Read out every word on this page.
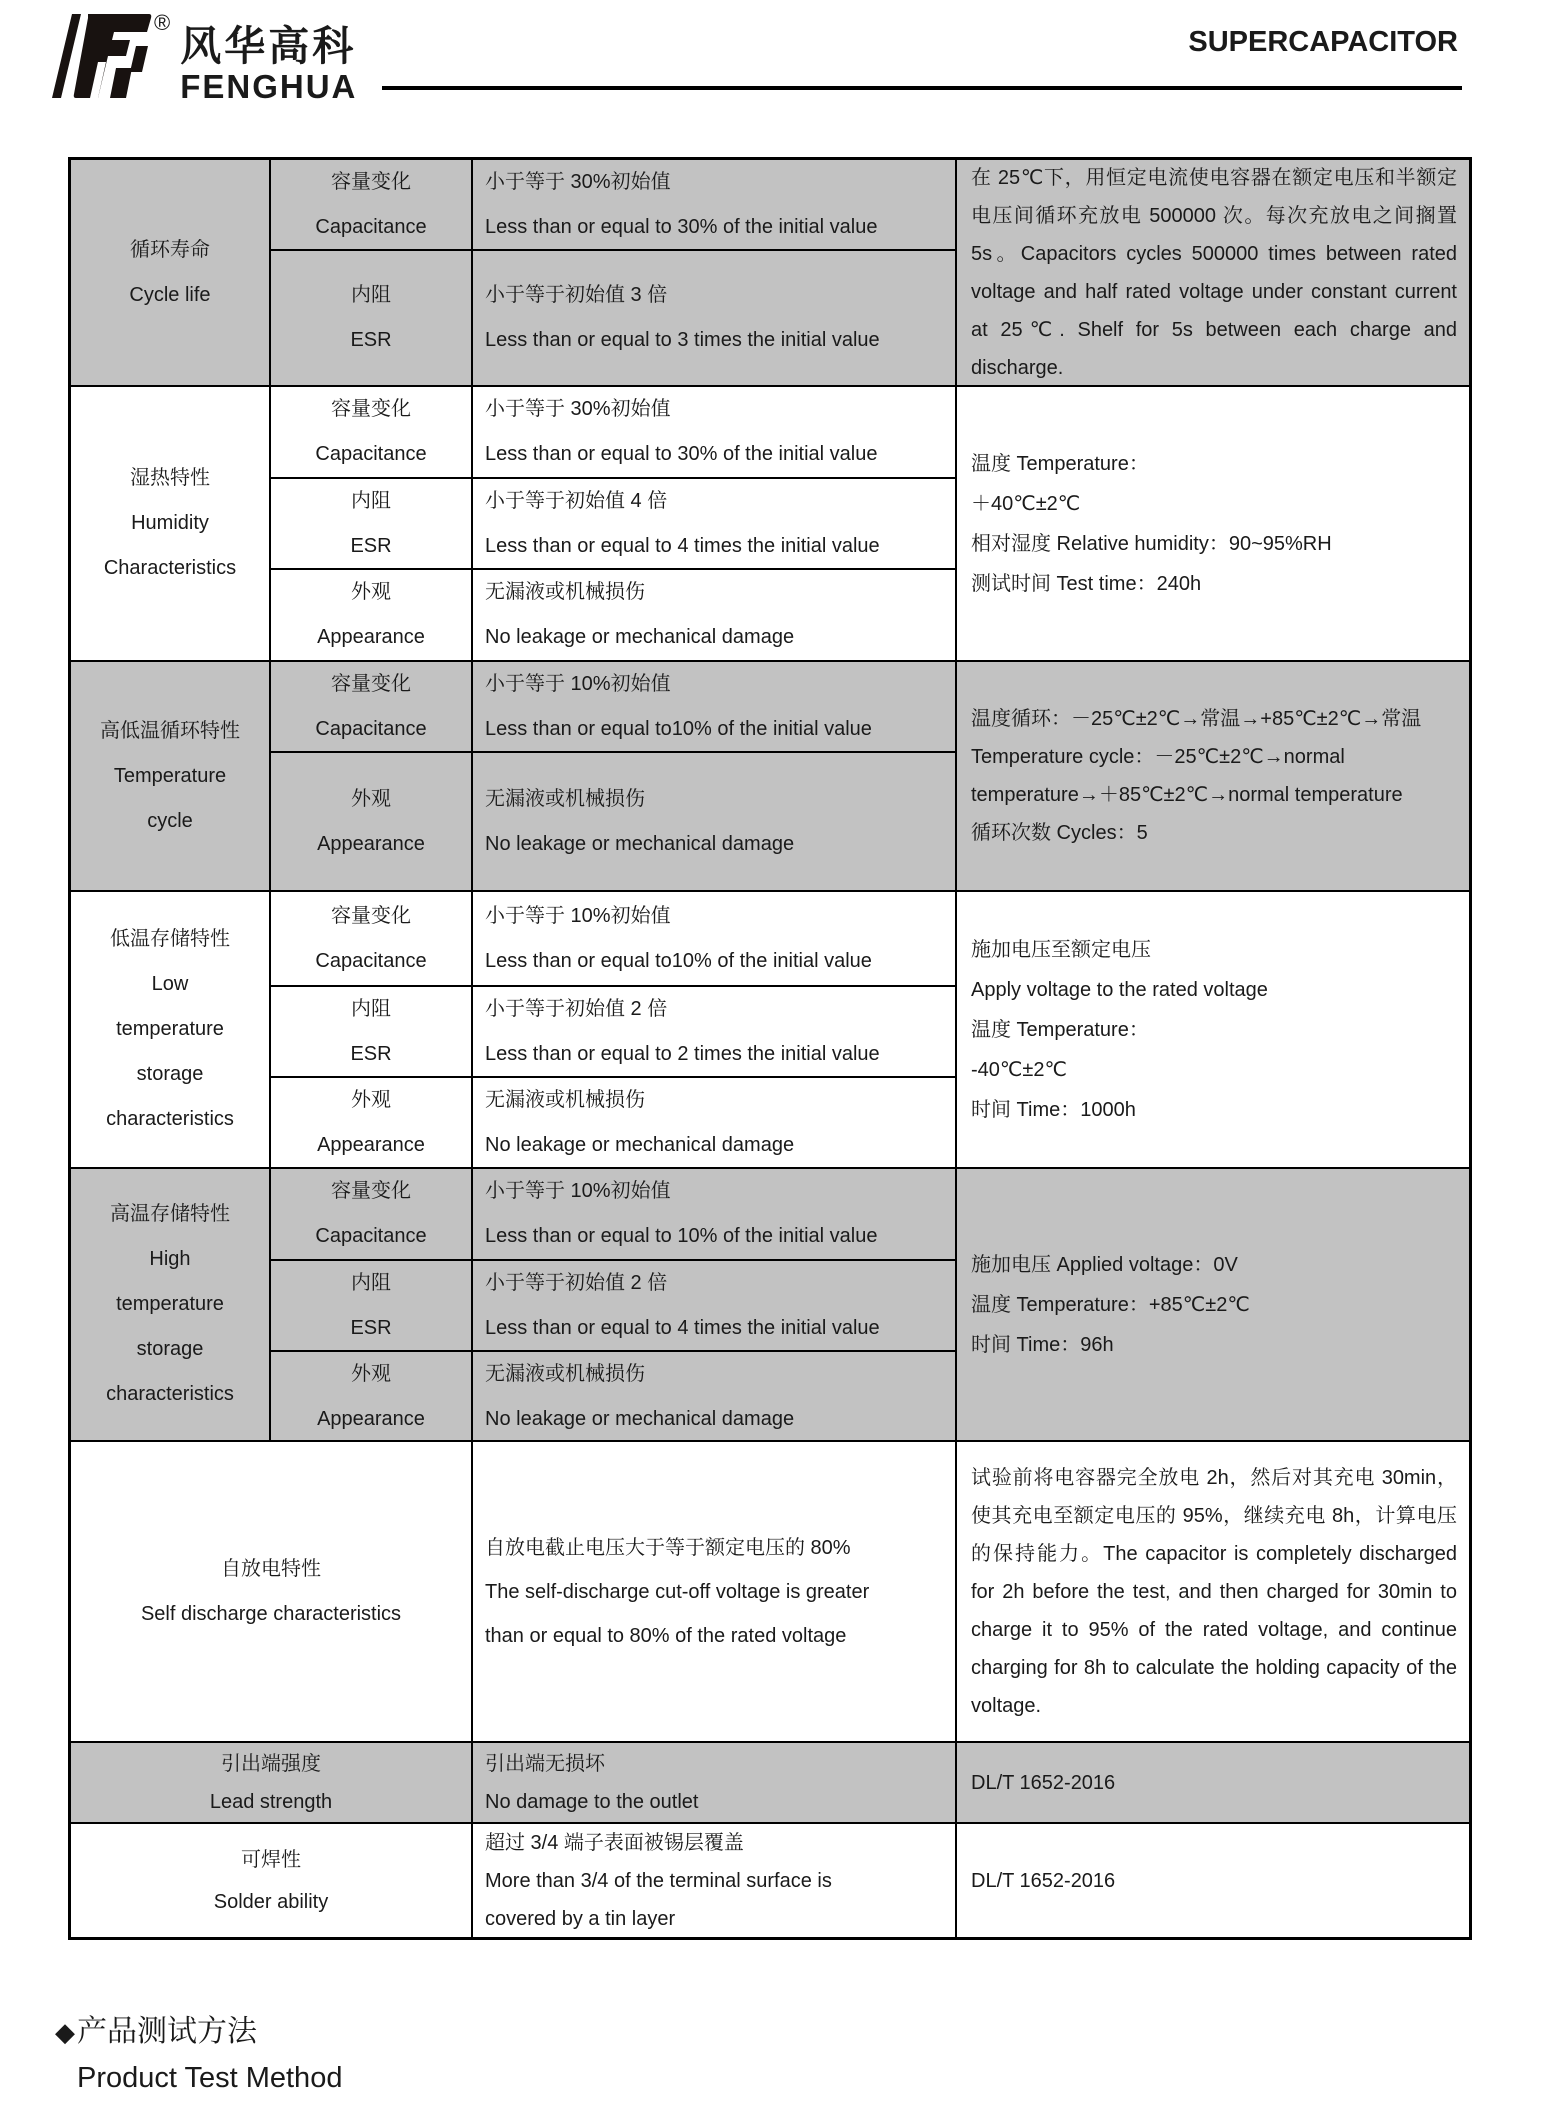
®
风华高科
FENGHUA
SUPERCAPACITOR
循环寿命
Cycle life
容量变化
Capacitance
小于等于 30%初始值
Less than or equal to 30% of the initial value
内阻
ESR
小于等于初始值 3 倍
Less than or equal to 3 times the initial value
在 25℃下，用恒定电流使电容器在额定电压和半额定电压间循环充放电 500000 次。每次充放电之间搁置 5s。Capacitors cycles 500000 times between rated voltage and half rated voltage under constant current at 25℃. Shelf for 5s between each charge and discharge.
湿热特性
Humidity
Characteristics
容量变化
Capacitance
小于等于 30%初始值
Less than or equal to 30% of the initial value
内阻
ESR
小于等于初始值 4 倍
Less than or equal to 4 times the initial value
外观
Appearance
无漏液或机械损伤
No leakage or mechanical damage
温度 Temperature：
＋40℃±2℃
相对湿度 Relative humidity：90~95%RH
测试时间 Test time：240h
高低温循环特性
Temperature
cycle
容量变化
Capacitance
小于等于 10%初始值
Less than or equal to10% of the initial value
外观
Appearance
无漏液或机械损伤
No leakage or mechanical damage
温度循环：－25℃±2℃→常温→+85℃±2℃→常温
Temperature cycle：－25℃±2℃→normal temperature→＋85℃±2℃→normal temperature
循环次数 Cycles：5
低温存储特性
Low
temperature
storage
characteristics
容量变化
Capacitance
小于等于 10%初始值
Less than or equal to10% of the initial value
内阻
ESR
小于等于初始值 2 倍
Less than or equal to 2 times the initial value
外观
Appearance
无漏液或机械损伤
No leakage or mechanical damage
施加电压至额定电压
Apply voltage to the rated voltage
温度 Temperature：
-40℃±2℃
时间 Time：1000h
高温存储特性
High
temperature
storage
characteristics
容量变化
Capacitance
小于等于 10%初始值
Less than or equal to 10% of the initial value
内阻
ESR
小于等于初始值 2 倍
Less than or equal to 4 times the initial value
外观
Appearance
无漏液或机械损伤
No leakage or mechanical damage
施加电压 Applied voltage：0V
温度 Temperature：+85℃±2℃
时间 Time：96h
自放电特性
Self discharge characteristics
自放电截止电压大于等于额定电压的 80%
The self-discharge cut-off voltage is greater
than or equal to 80% of the rated voltage
试验前将电容器完全放电 2h，然后对其充电 30min，使其充电至额定电压的 95%，继续充电 8h，计算电压的保持能力。The capacitor is completely discharged for 2h before the test, and then charged for 30min to charge it to 95% of the rated voltage, and continue charging for 8h to calculate the holding capacity of the voltage.
引出端强度
Lead strength
引出端无损坏
No damage to the outlet
DL/T 1652-2016
可焊性
Solder ability
超过 3/4 端子表面被锡层覆盖
More than 3/4 of the terminal surface is
covered by a tin layer
DL/T 1652-2016
◆ 产品测试方法
Product Test Method
